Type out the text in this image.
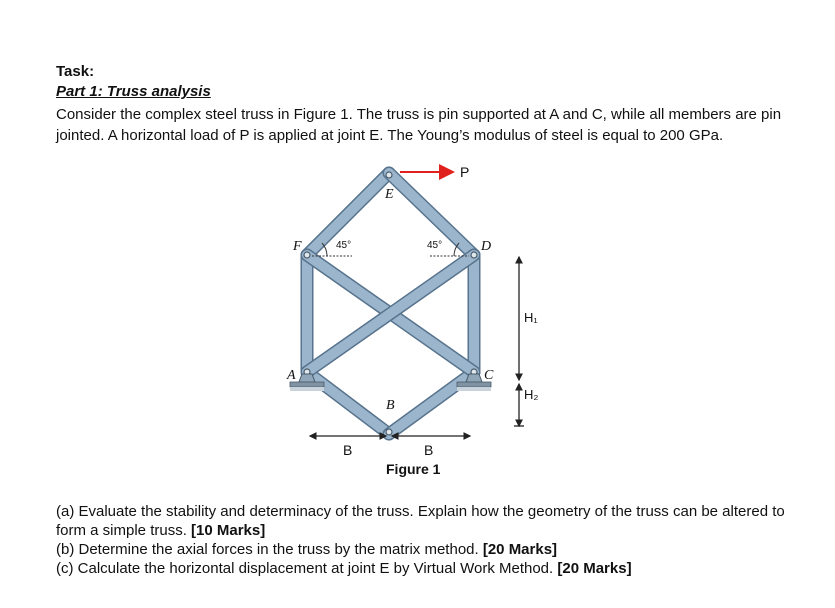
Task:
Part 1: Truss analysis

Consider the complex steel truss in Figure 1. The truss is pin supported at A and C, while all members are pin jointed. A horizontal load of P is applied at joint E. The Young’s modulus of steel is equal to 200 GPa.

45°	45°
E
F	D
A	C
B
P
H₁
H₂
B	B
Figure 1

(a) Evaluate the stability and determinacy of the truss. Explain how the geometry of the truss can be altered to form a simple truss. [10 Marks]

(b) Determine the axial forces in the truss by the matrix method. [20 Marks]

(c) Calculate the horizontal displacement at joint E by Virtual Work Method. [20 Marks]
